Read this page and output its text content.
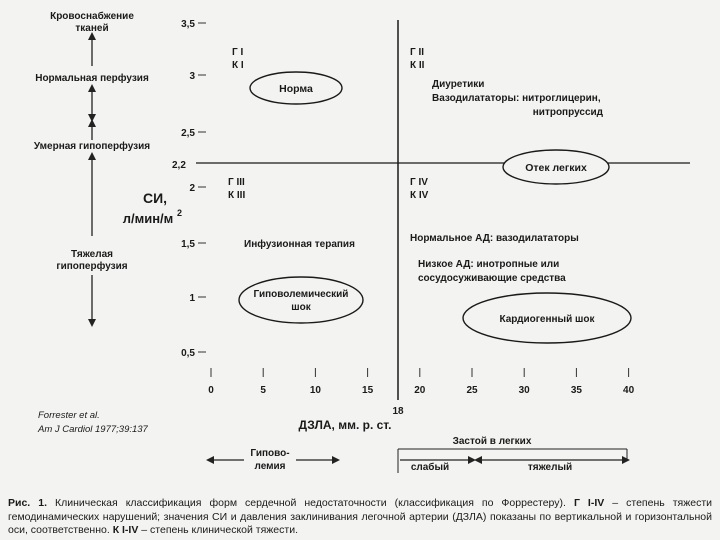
Кровоснабжение
тканей
Нормальная перфузия
Умерная гипоперфузия
Тяжелая
гипоперфузия
СИ,
л/мин/м 2
3,5
3
2,5
2
1,5
1
0,5
0	5	10	15	20	25	30	35	40
2,2
18
Г I
К I
Г II
К II
Г III
К III
Г IV
К IV
Норма
Отек легких
Гиповолемический
шок
Кардиогенный шок
Диуретики
Вазодилататоры: нитроглицерин,
нитропруссид
Инфузионная терапия
Нормальное АД: вазодилататоры
Низкое АД: инотропные или
сосудосуживающие средства
Forrester et al.
Am J Cardiol 1977;39:137	ДЗЛА, мм. р. ст.
Гипово-
лемия
Застой в легких
слабый	тяжелый
Рис. 1. Клиническая классификация форм сердечной недостаточности (классификация по Форрестеру). Г I-IV – степень тяжести гемодинамических нарушений; значения СИ и давления заклинивания легочной артерии (ДЗЛА) показаны по вертикальной и горизонтальной оси, соответственно. К I-IV – степень клинической тяжести.
